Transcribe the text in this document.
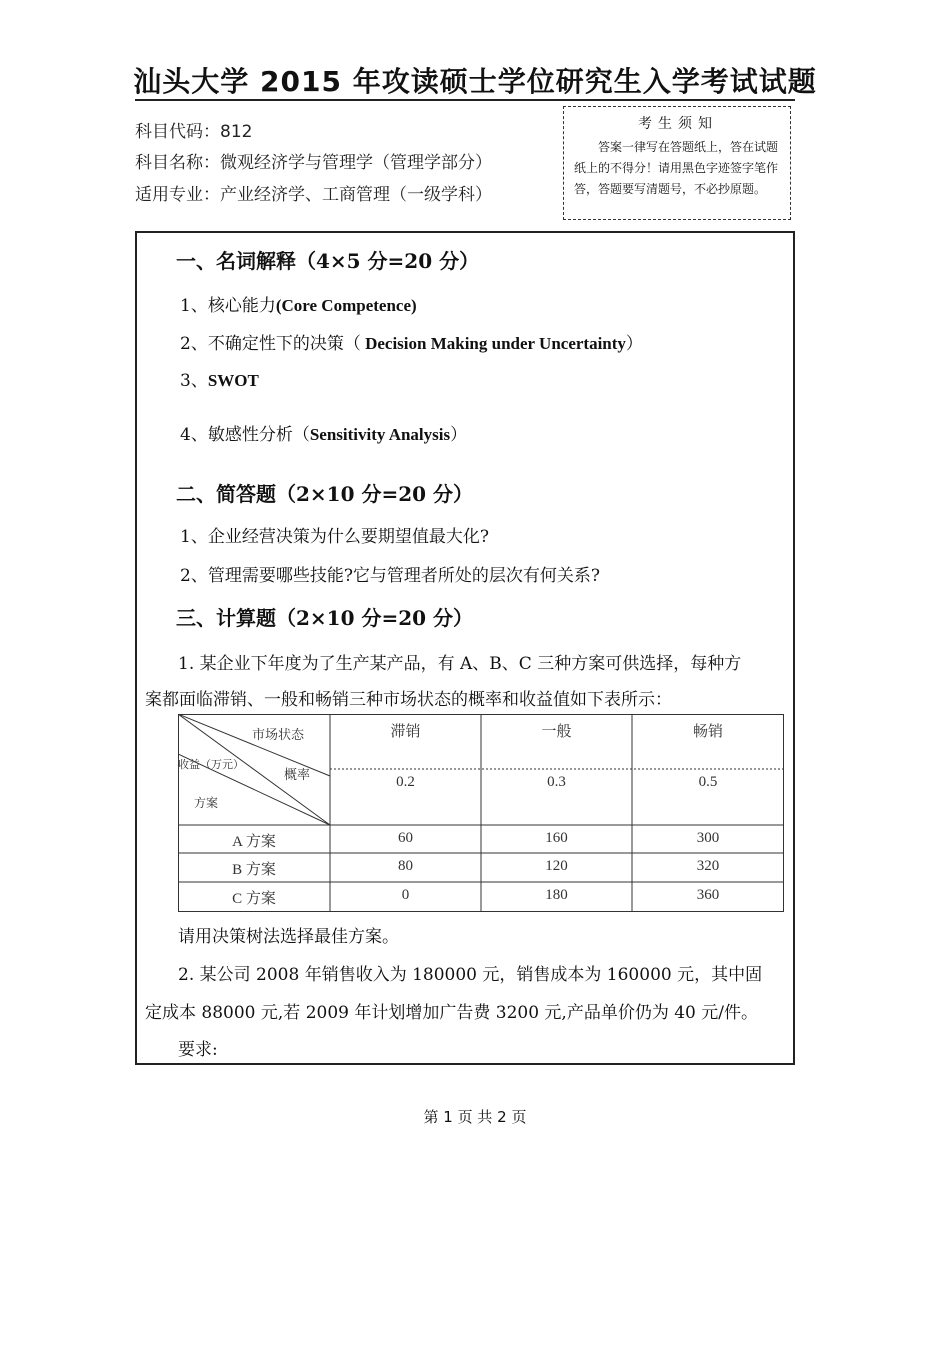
汕头大学 2015 年攻读硕士学位研究生入学考试试题
科目代码：812
科目名称：微观经济学与管理学（管理学部分）
适用专业：产业经济学、工商管理（一级学科）
考生须知
答案一律写在答题纸上，答在试题纸上的不得分！请用黑色字迹签字笔作答，答题要写清题号，不必抄原题。
一、名词解释（4×5 分=20 分）
1、核心能力(Core Competence)
2、不确定性下的决策（ Decision Making under Uncertainty）
3、SWOT
4、敏感性分析（Sensitivity Analysis）
二、简答题（2×10 分=20 分）
1、企业经营决策为什么要期望值最大化?
2、管理需要哪些技能?它与管理者所处的层次有何关系?
三、计算题（2×10 分=20 分）
1. 某企业下年度为了生产某产品，有 A、B、C 三种方案可供选择，每种方
案都面临滞销、一般和畅销三种市场状态的概率和收益值如下表所示：
市场状态
收益（万元）
概率
方案
滞销	一般	畅销
0.2	0.3	0.5
A 方案	60	160	300
B 方案	80	120	320
C 方案	0	180	360
请用决策树法选择最佳方案。
2. 某公司 2008 年销售收入为 180000 元，销售成本为 160000 元，其中固
定成本 88000 元,若 2009 年计划增加广告费 3200 元,产品单价仍为 40 元/件。
要求:
第 1 页 共 2 页
